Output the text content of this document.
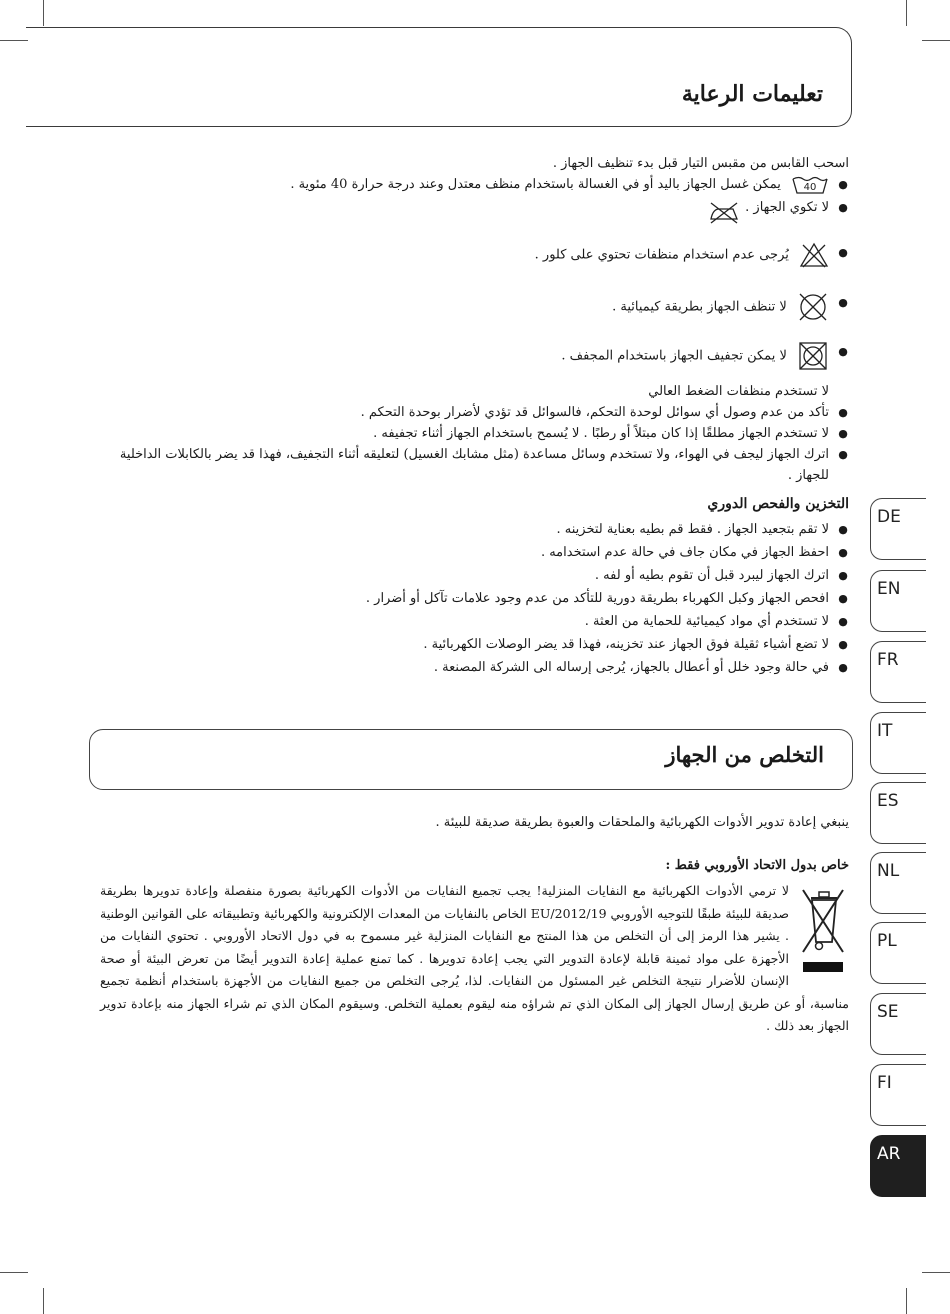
تعليمات الرعاية

اسحب القابس من مقبس التيار قبل بدء تنظيف الجهاز .

●
40
يمكن غسل الجهاز باليد أو في الغسالة باستخدام منظف معتدل وعند درجة حرارة 40 مئوية .
●
لا تكوي الجهاز .
●
يُرجى عدم استخدام منظفات تحتوي على كلور .
●
لا تنظف الجهاز بطريقة كيميائية .
●
لا يمكن تجفيف الجهاز باستخدام المجفف .
لا تستخدم منظفات الضغط العالي
●
تأكد من عدم وصول أي سوائل لوحدة التحكم، فالسوائل قد تؤدي لأضرار بوحدة التحكم .
●
لا تستخدم الجهاز مطلقًا إذا كان مبتلاً أو رطبًا . لا يُسمح باستخدام الجهاز أثناء تجفيفه .
●
اترك الجهاز ليجف في الهواء، ولا تستخدم وسائل مساعدة (مثل مشابك الغسيل) لتعليقه أثناء التجفيف، فهذا قد يضر بالكابلات الداخلية للجهاز .
التخزين والفحص الدوري
●
لا تقم بتجعيد الجهاز . فقط قم بطيه بعناية لتخزينه .
●
احفظ الجهاز في مكان جاف في حالة عدم استخدامه .
●
اترك الجهاز ليبرد قبل أن تقوم بطيه أو لفه .
●
افحص الجهاز وكبل الكهرباء بطريقة دورية للتأكد من عدم وجود علامات تآكل أو أضرار .
●
لا تستخدم أي مواد كيميائية للحماية من العثة .
●
لا تضع أشياء ثقيلة فوق الجهاز عند تخزينه، فهذا قد يضر الوصلات الكهربائية .
●
في حالة وجود خلل أو أعطال بالجهاز، يُرجى إرساله الى الشركة المصنعة .
التخلص من الجهاز
ينبغي إعادة تدوير الأدوات الكهربائية والملحقات والعبوة بطريقة صديقة للبيئة .
خاص بدول الاتحاد الأوروبي فقط :
لا ترمي الأدوات الكهربائية مع النفايات المنزلية! يجب تجميع النفايات من الأدوات الكهربائية بصورة منفصلة وإعادة تدويرها بطريقة صديقة للبيئة طبقًا للتوجيه الأوروبي EU/2012/19 الخاص بالنفايات من المعدات الإلكترونية والكهربائية وتطبيقاته على القوانين الوطنية . يشير هذا الرمز إلى أن التخلص من هذا المنتج مع النفايات المنزلية غير مسموح به في دول الاتحاد الأوروبي . تحتوي النفايات من الأجهزة على مواد ثمينة قابلة لإعادة التدوير التي يجب إعادة تدويرها . كما تمنع عملية إعادة التدوير أيضًا من تعرض البيئة أو صحة الإنسان للأضرار نتيجة التخلص غير المسئول من النفايات. لذا، يُرجى التخلص من جميع النفايات من الأجهزة باستخدام أنظمة تجميع مناسبة، أو عن طريق إرسال الجهاز إلى المكان الذي تم شراؤه منه ليقوم بعملية التخلص. وسيقوم المكان الذي تم شراء الجهاز منه بإعادة تدوير الجهاز بعد ذلك .
DE
EN
FR
IT
ES
NL
PL
SE
FI
AR
